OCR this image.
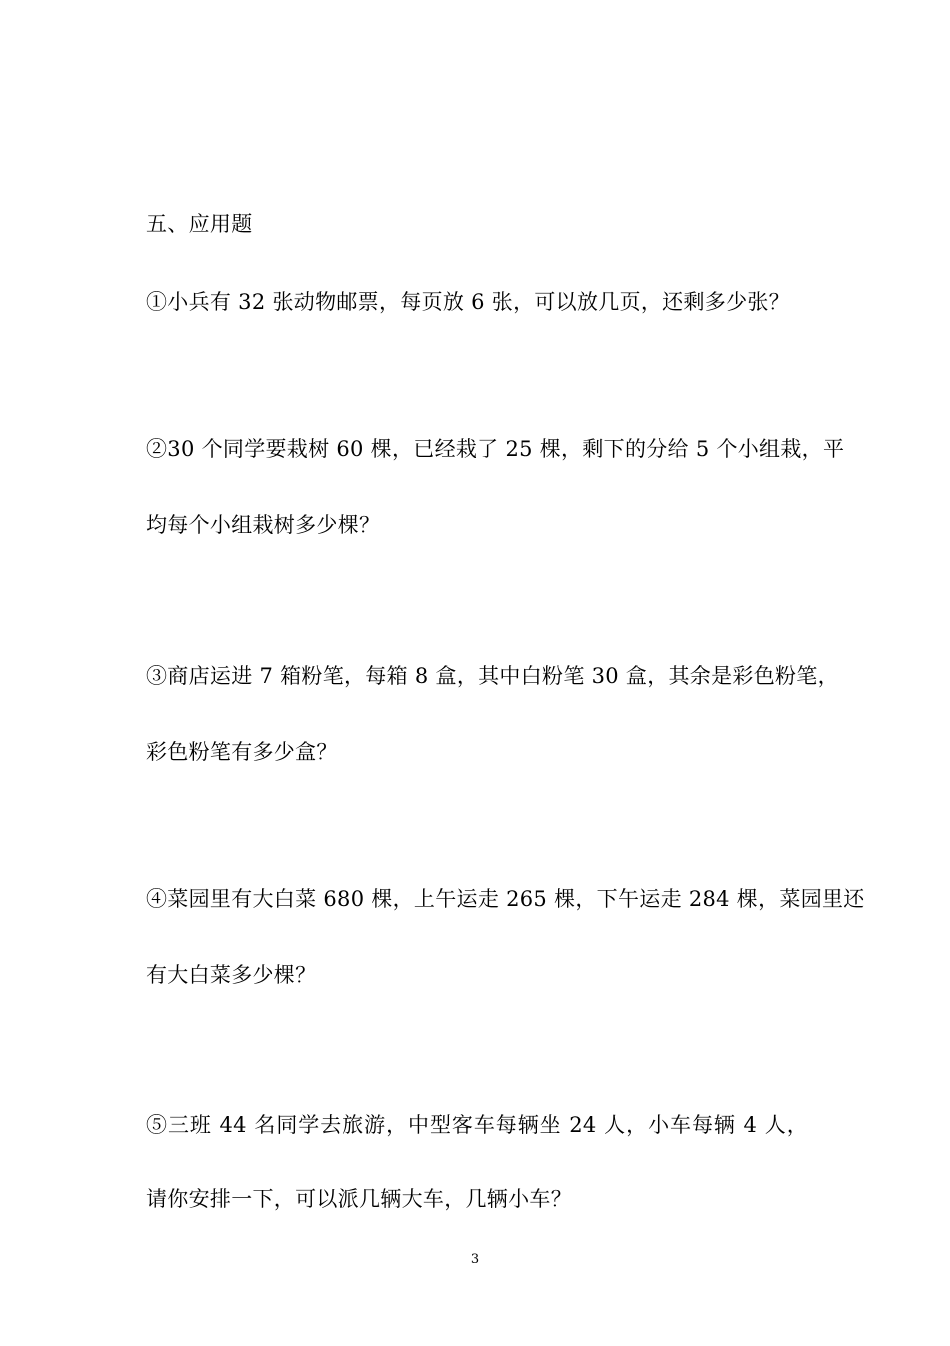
五、应用题
①小兵有 32 张动物邮票，每页放 6 张，可以放几页，还剩多少张？
②30 个同学要栽树 60 棵，已经栽了 25 棵，剩下的分给 5 个小组栽，平
均每个小组栽树多少棵？
③商店运进 7 箱粉笔，每箱 8 盒，其中白粉笔 30 盒，其余是彩色粉笔，
彩色粉笔有多少盒？
④菜园里有大白菜 680 棵，上午运走 265 棵，下午运走 284 棵，菜园里还
有大白菜多少棵？
⑤三班 44 名同学去旅游，中型客车每辆坐 24 人，小车每辆 4 人，
请你安排一下，可以派几辆大车，几辆小车？
3
